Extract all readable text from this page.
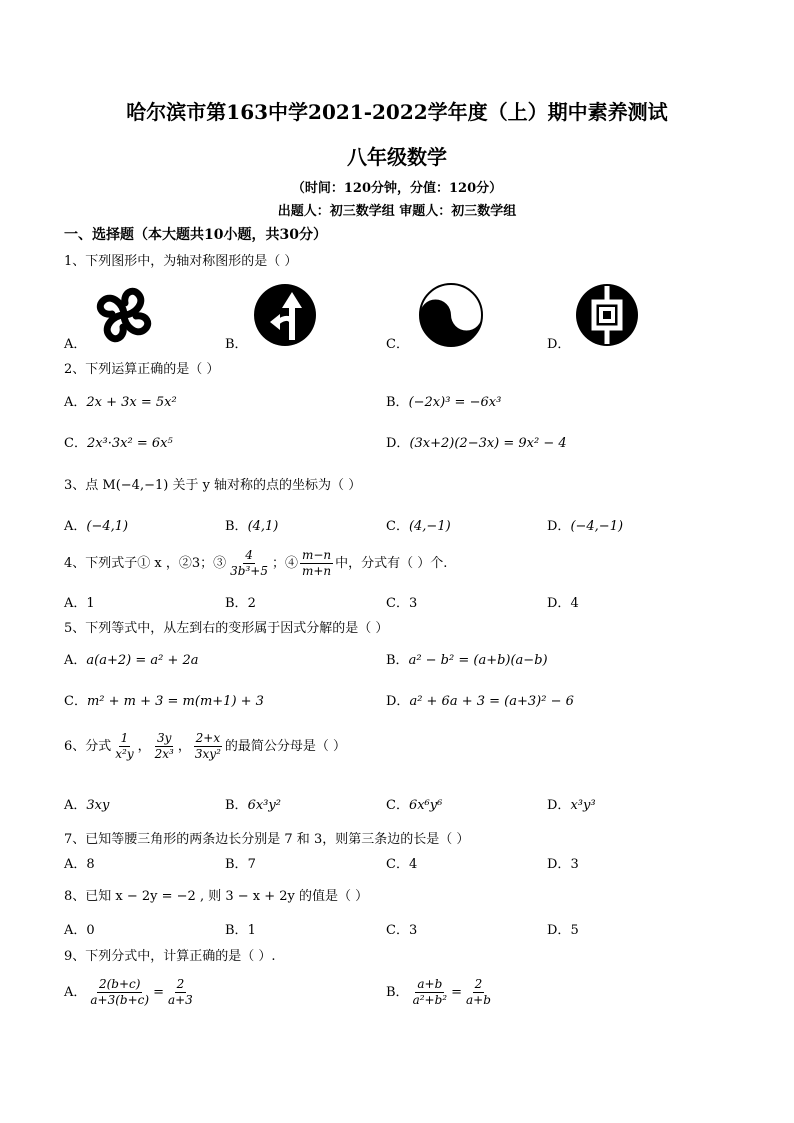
哈尔滨市第163中学2021-2022学年度（上）期中素养测试
八年级数学
（时间：120分钟，分值：120分）
出题人：初三数学组 审题人：初三数学组
一、选择题（本大题共10小题，共30分）
1、下列图形中，为轴对称图形的是（ ）
A．	B．	C．	D．
2、下列运算正确的是（ ）
A．2x + 3x = 5x²	B．(−2x)³ = −6x³
C．2x³·3x² = 6x⁵	D．(3x+2)(2−3x) = 9x² − 4
3、点 M(−4,−1) 关于 y 轴对称的点的坐标为（ ）
A．(−4,1)	B．(4,1)	C．(4,−1)	D．(−4,−1)
4、下列式子① x ，②3；③ $\frac{4}{\text{3b³+5}}$ ；④ $\frac{m-n}{m+n}$ 中，分式有（ ）个.
A．1	B．2	C．3	D．4
5、下列等式中，从左到右的变形属于因式分解的是（ ）
A．a(a+2) = a² + 2a	B．a² − b² = (a+b)(a−b)
C．m² + m + 3 = m(m+1) + 3	D．a² + 6a + 3 = (a+3)² − 6
6、分式 $\frac{1}{\text{x²y}}$ ， $\frac{3y}{\text{2x³}}$ ， $\frac{2+x}{\text{3xy²}}$ 的最简公分母是（ ）
A．3xy	B．6x³y²	C．6x⁶y⁶	D．x³y³
7、已知等腰三角形的两条边长分别是 7 和 3，则第三条边的长是（ ）
A．8	B．7	C．4	D．3
8、已知 x − 2y = −2 , 则 3 − x + 2y 的值是（ ）
A．0	B．1	C．3	D．5
9、下列分式中，计算正确的是（ ）.
A． $\frac{2(b+c)}{a+3(b+c)} = \frac{2}{a+3}$	B． $\frac{a+b}{\text{a²+b²}} = \frac{2}{a+b}$
